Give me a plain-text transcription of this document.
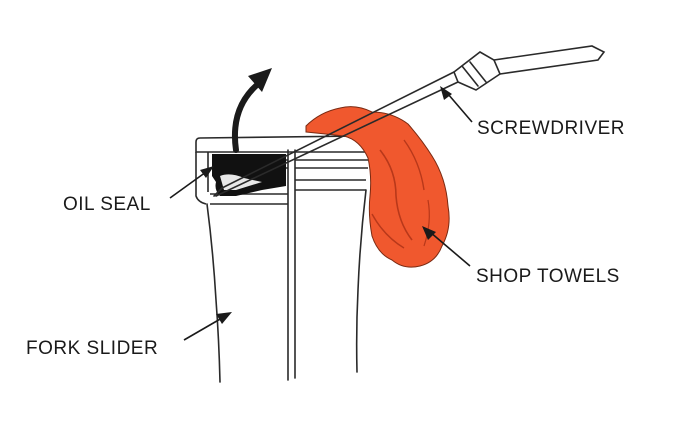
OIL SEAL
FORK SLIDER
SCREWDRIVER
SHOP TOWELS
